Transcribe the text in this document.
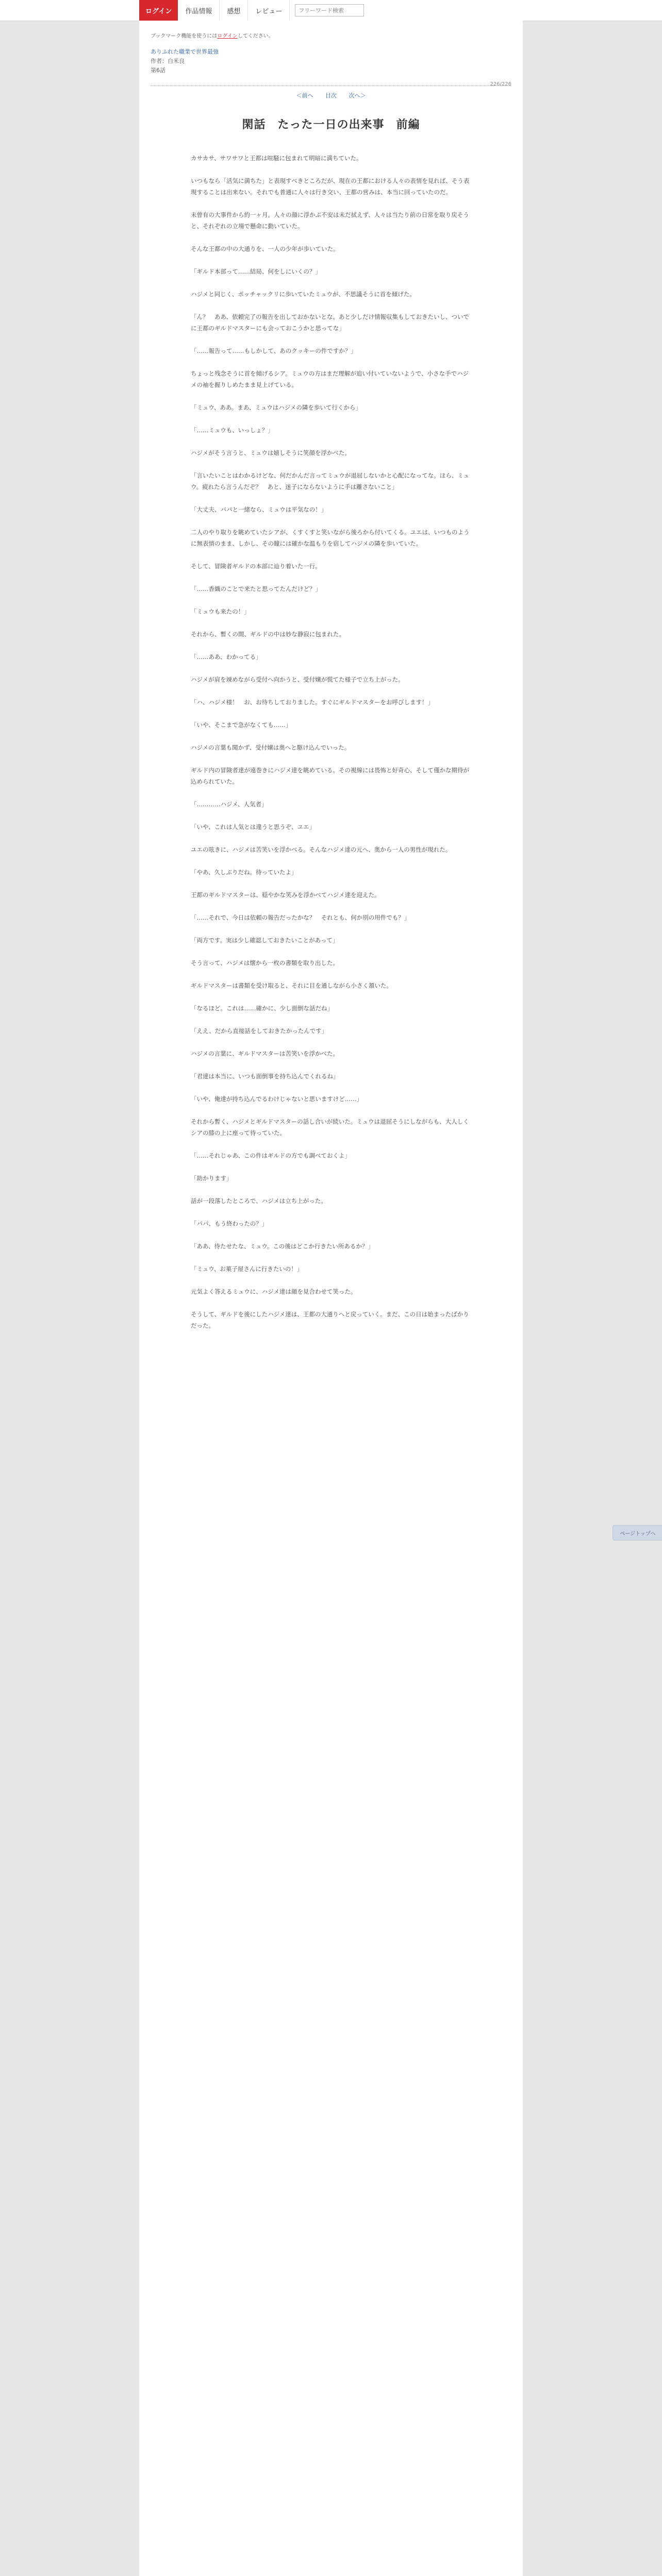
ログイン	作品情報	感想	レビュー
フリーワード検索
ブックマーク機能を使うにはログインしてください。
ありふれた職業で世界最強
作者：白米良
第6話
226/226
＜前へ 目次 次へ＞
閑話　たった一日の出来事　前編

カサカサ、サワサワと王都は喧騒に包まれて明暗に満ちていた。

いつもなら「活気に満ちた」と表現すべきところだが、現在の王都における人々の表情を見れば、そう表現することは出来ない。それでも普通に人々は行き交い、王都の営みは、本当に回っていたのだ。

未曾有の大事件から約一ヶ月。人々の顔に浮かぶ不安は未だ拭えず、人々は当たり前の日常を取り戻そうと、それぞれの立場で懸命に動いていた。

そんな王都の中の大通りを、一人の少年が歩いていた。

「ギルド本部って……結局、何をしにいくの？」

ハジメと同じく、ポッチャックリに歩いていたミュウが、不思議そうに首を傾げた。

「ん？　ああ、依頼完了の報告を出しておかないとな。あと少しだけ情報収集もしておきたいし、ついでに王都のギルドマスターにも会っておこうかと思ってな」

「……報告って……もしかして、あのクッキーの件ですか？」

ちょっと残念そうに首を傾げるシア。ミュウの方はまだ理解が追い付いていないようで、小さな手でハジメの袖を握りしめたまま見上げている。

「ミュウ、ああ。まあ、ミュウはハジメの隣を歩いて行くから」

「……ミュウも、いっしょ？」

ハジメがそう言うと、ミュウは嬉しそうに笑顔を浮かべた。

「言いたいことはわかるけどな、何だかんだ言ってミュウが退屈しないかと心配になってな。ほら、ミュウ。疲れたら言うんだぞ？　あと、迷子にならないように手は離さないこと」

「大丈夫、パパと一緒なら、ミュウは平気なの！」

二人のやり取りを眺めていたシアが、くすくすと笑いながら後ろから付いてくる。ユエは、いつものように無表情のまま、しかし、その瞳には確かな温もりを宿してハジメの隣を歩いていた。

そして、冒険者ギルドの本部に辿り着いた一行。

「……香織のことで来たと思ってたんだけど？」

「ミュウも来たの！」

それから、暫くの間、ギルドの中は妙な静寂に包まれた。

「……ああ、わかってる」

ハジメが肩を竦めながら受付へ向かうと、受付嬢が慌てた様子で立ち上がった。

「ハ、ハジメ様！　お、お待ちしておりました。すぐにギルドマスターをお呼びします！」

「いや、そこまで急がなくても……」

ハジメの言葉も聞かず、受付嬢は奥へと駆け込んでいった。

ギルド内の冒険者達が遠巻きにハジメ達を眺めている。その視線には畏怖と好奇心、そして僅かな期待が込められていた。

「…………ハジメ、人気者」

「いや、これは人気とは違うと思うぞ、ユエ」

ユエの呟きに、ハジメは苦笑いを浮かべる。そんなハジメ達の元へ、奥から一人の男性が現れた。

「やあ、久しぶりだね。待っていたよ」

王都のギルドマスターは、穏やかな笑みを浮かべてハジメ達を迎えた。

「……それで、今日は依頼の報告だったかな？　それとも、何か別の用件でも？」

「両方です。実は少し確認しておきたいことがあって」

そう言って、ハジメは懐から一枚の書類を取り出した。

ギルドマスターは書類を受け取ると、それに目を通しながら小さく頷いた。

「なるほど。これは……確かに、少し面倒な話だね」

「ええ、だから直接話をしておきたかったんです」

ハジメの言葉に、ギルドマスターは苦笑いを浮かべた。

「君達は本当に、いつも面倒事を持ち込んでくれるね」

「いや、俺達が持ち込んでるわけじゃないと思いますけど……」

それから暫く、ハジメとギルドマスターの話し合いが続いた。ミュウは退屈そうにしながらも、大人しくシアの膝の上に座って待っていた。

「……それじゃあ、この件はギルドの方でも調べておくよ」

「助かります」

話が一段落したところで、ハジメは立ち上がった。

「パパ、もう終わったの？」

「ああ、待たせたな、ミュウ。この後はどこか行きたい所あるか？」

「ミュウ、お菓子屋さんに行きたいの！」

元気よく答えるミュウに、ハジメ達は顔を見合わせて笑った。

そうして、ギルドを後にしたハジメ達は、王都の大通りへと戻っていく。まだ、この日は始まったばかりだった。

ページトップへ
